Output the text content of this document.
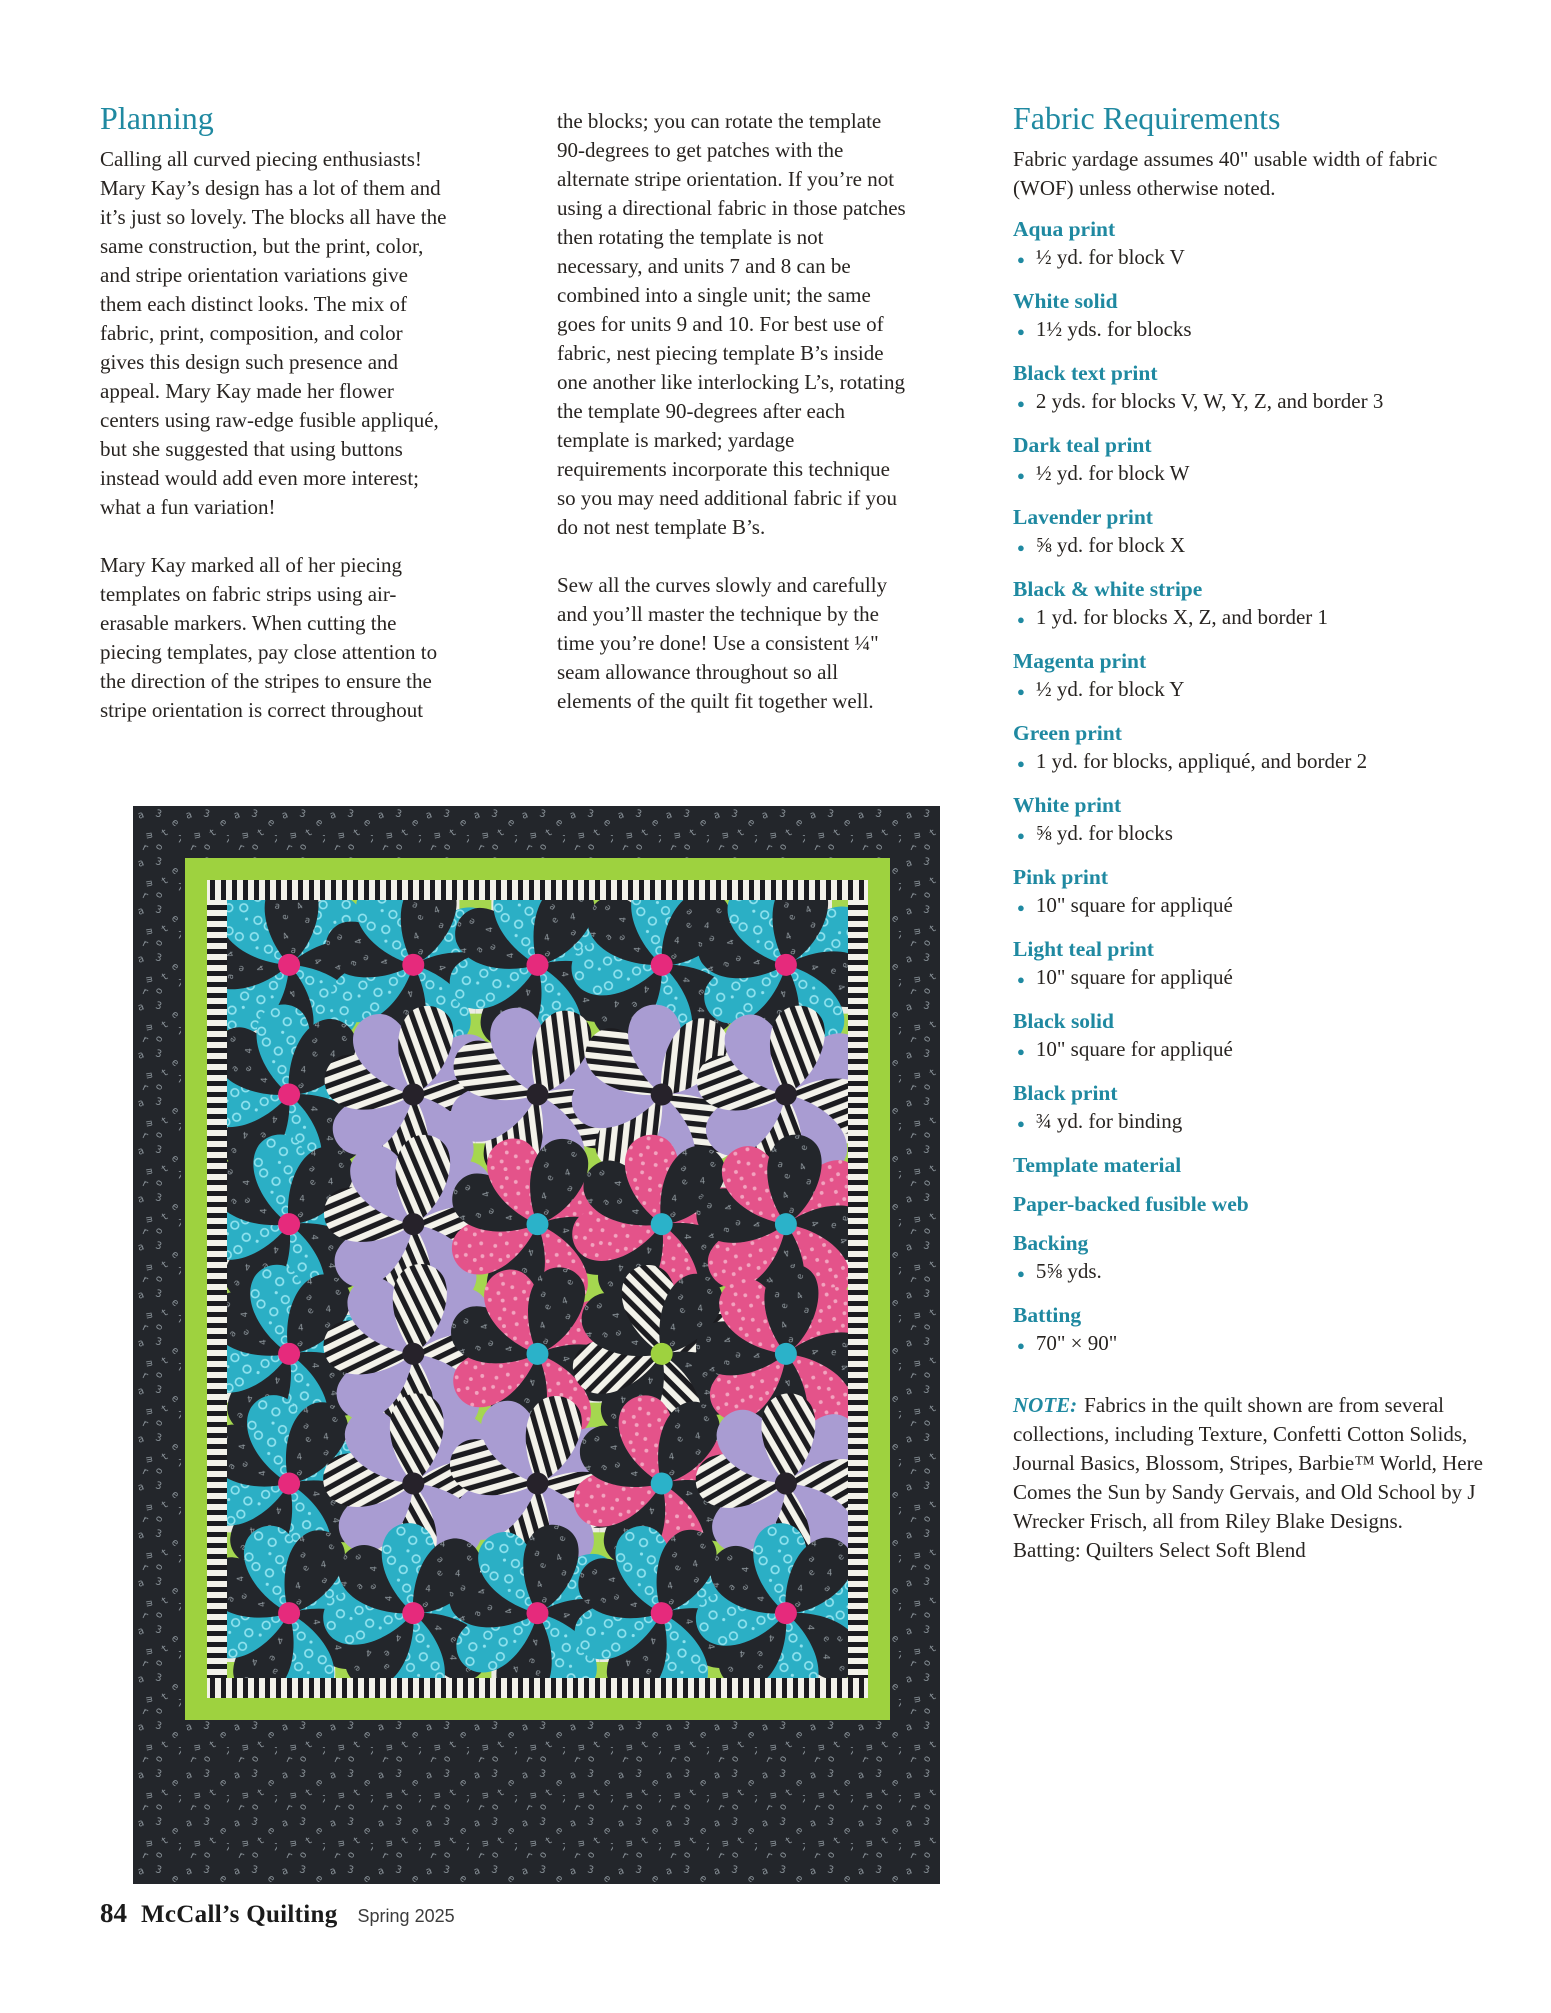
Planning

Calling all curved piecing enthusiasts! Mary Kay’s design has a lot of them and it’s just so lovely. The blocks all have the same construction, but the print, color, and stripe orientation variations give them each distinct looks. The mix of fabric, print, composition, and color gives this design such presence and appeal. Mary Kay made her flower centers using raw-edge fusible appliqué, but she suggested that using buttons instead would add even more interest; what a fun variation!

Mary Kay marked all of her piecing templates on fabric strips using air-erasable markers. When cutting the piecing templates, pay close attention to the direction of the stripes to ensure the stripe orientation is correct throughout

the blocks; you can rotate the template 90-degrees to get patches with the alternate stripe orientation. If you’re not using a directional fabric in those patches then rotating the template is not necessary, and units 7 and 8 can be combined into a single unit; the same goes for units 9 and 10. For best use of fabric, nest piecing template B’s inside one another like interlocking L’s, rotating the template 90-degrees after each template is marked; yardage requirements incorporate this technique so you may need additional fabric if you do not nest template B’s.

Sew all the curves slowly and carefully and you’ll master the technique by the time you’re done! Use a consistent ¼" seam allowance throughout so all elements of the quilt fit together well.

Fabric Requirements

Fabric yardage assumes 40" usable width of fabric (WOF) unless otherwise noted.

Aqua print
● ½ yd. for block V
White solid
● 1½ yds. for blocks
Black text print
● 2 yds. for blocks V, W, Y, Z, and border 3
Dark teal print
● ½ yd. for block W
Lavender print
● ⅝ yd. for block X
Black & white stripe
● 1 yd. for blocks X, Z, and border 1
Magenta print
● ½ yd. for block Y
Green print
● 1 yd. for blocks, appliqué, and border 2
White print
● ⅝ yd. for blocks
Pink print
● 10" square for appliqué
Light teal print
● 10" square for appliqué
Black solid
● 10" square for appliqué
Black print
● ¾ yd. for binding
Template material
Paper-backed fusible web
Backing
● 5⅝ yds.
Batting
● 70" × 90"

NOTE: Fabrics in the quilt shown are from several collections, including Texture, Confetti Cotton Solids, Journal Basics, Blossom, Stripes, Barbie™ World, Here Comes the Sun by Sandy Gervais, and Old School by J Wrecker Frisch, all from Riley Blake Designs.

Batting: Quilters Select Soft Blend
84 McCall’s Quilting Spring 2025
